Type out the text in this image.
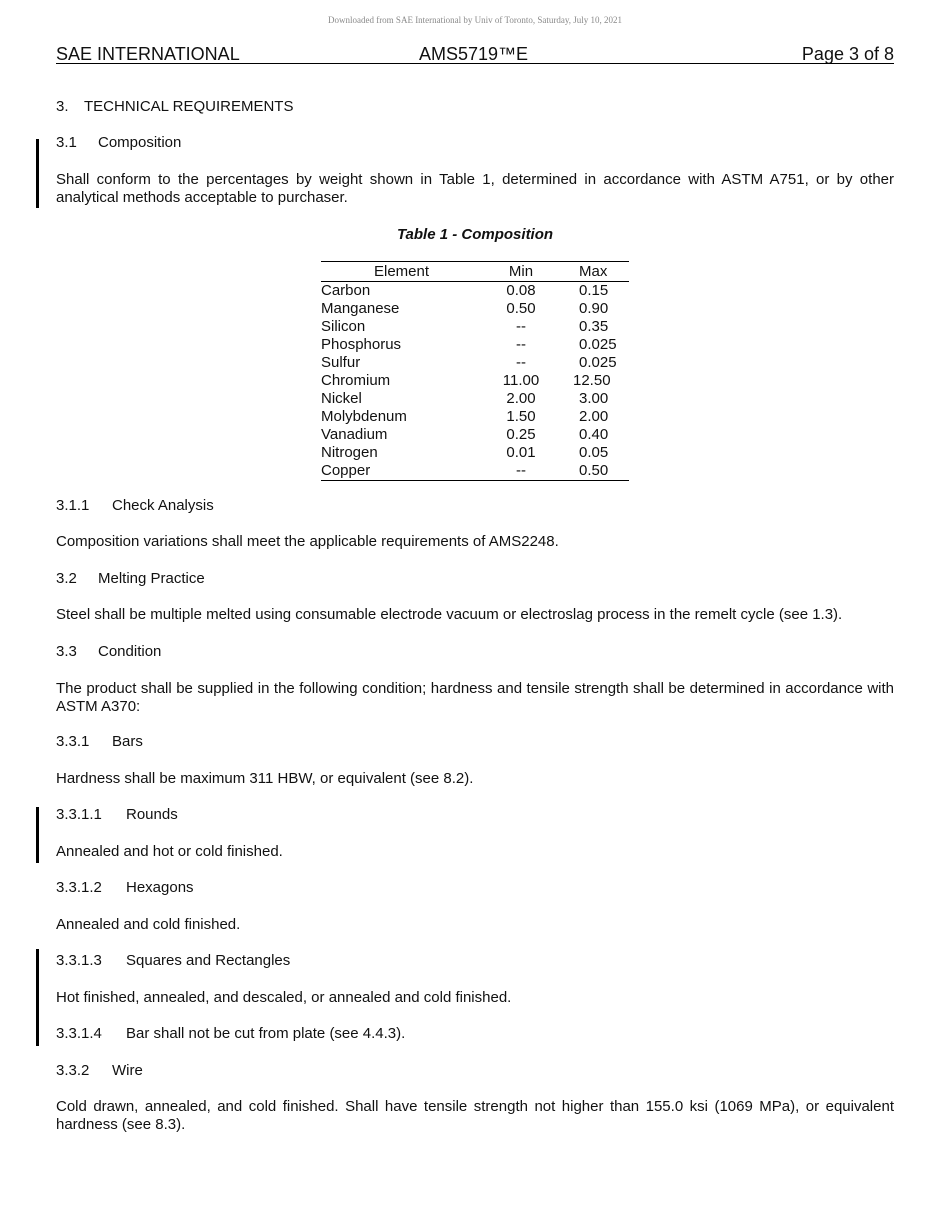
Downloaded from SAE International by Univ of Toronto, Saturday, July 10, 2021
SAE INTERNATIONAL	AMS5719™E	Page 3 of 8
3. TECHNICAL REQUIREMENTS
3.1 Composition
Shall conform to the percentages by weight shown in Table 1, determined in accordance with ASTM A751, or by other analytical methods acceptable to purchaser.
Table 1 - Composition
Element	Min	Max
Carbon	0.08	0.15
Manganese	0.50	0.90
Silicon	--	0.35
Phosphorus	--	0.025
Sulfur	--	0.025
Chromium	11.00	12.50
Nickel	2.00	3.00
Molybdenum	1.50	2.00
Vanadium	0.25	0.40
Nitrogen	0.01	0.05
Copper	--	0.50
3.1.1 Check Analysis
Composition variations shall meet the applicable requirements of AMS2248.
3.2 Melting Practice
Steel shall be multiple melted using consumable electrode vacuum or electroslag process in the remelt cycle (see 1.3).
3.3 Condition
The product shall be supplied in the following condition; hardness and tensile strength shall be determined in accordance with ASTM A370:
3.3.1 Bars
Hardness shall be maximum 311 HBW, or equivalent (see 8.2).
3.3.1.1 Rounds
Annealed and hot or cold finished.
3.3.1.2 Hexagons
Annealed and cold finished.
3.3.1.3 Squares and Rectangles
Hot finished, annealed, and descaled, or annealed and cold finished.
3.3.1.4 Bar shall not be cut from plate (see 4.4.3).
3.3.2 Wire
Cold drawn, annealed, and cold finished. Shall have tensile strength not higher than 155.0 ksi (1069 MPa), or equivalent hardness (see 8.3).
